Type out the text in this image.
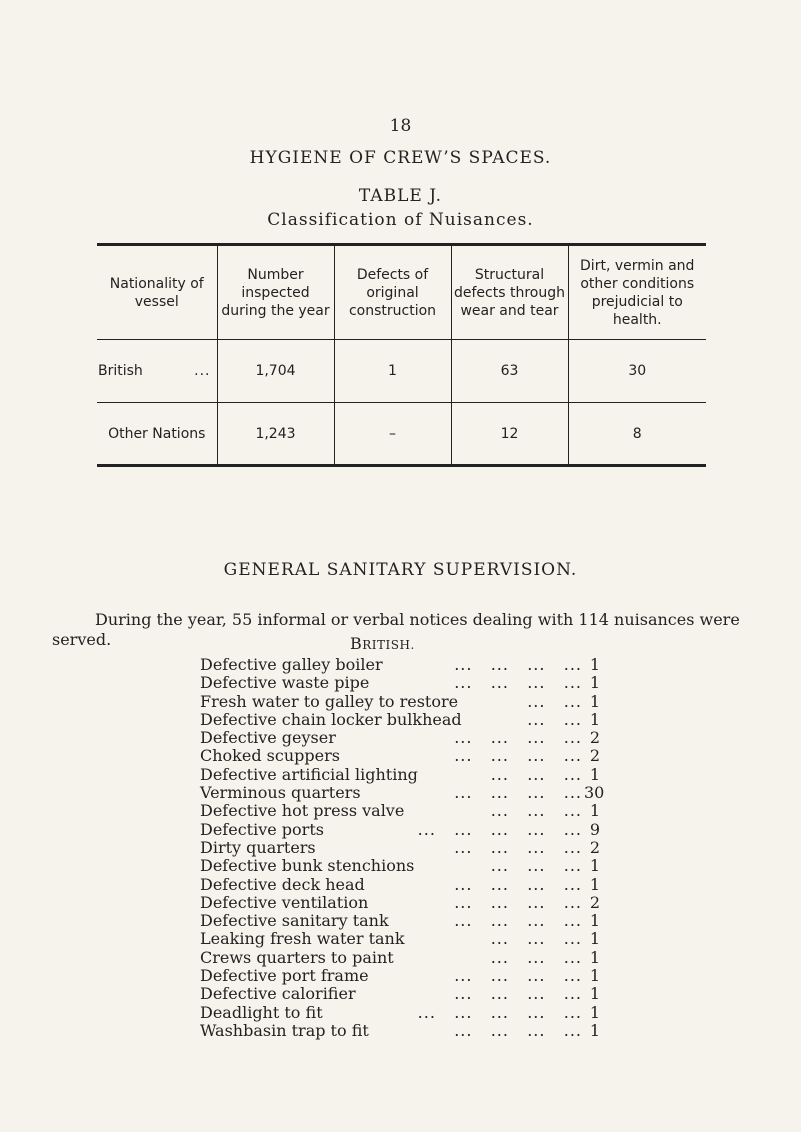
18
HYGIENE OF CREW’S SPACES.
TABLE J.
Classification of Nuisances.
Nationality of vessel	Number inspected during the year	Defects of original construction	Structural defects through wear and tear	Dirt, vermin and other conditions prejudicial to health.

British ...	1,704	1	63	30
Other Nations	1,243	–	12	8
GENERAL SANITARY SUPERVISION.

During the year, 55 informal or verbal notices dealing with 114 nuisances were served.	BRITISH.
Defective galley boiler	...   ...   ...   ... 1
Defective waste pipe	...   ...   ...   ... 1
Fresh water to galley to restore	...   ... 1
Defective chain locker bulkhead	...   ... 1
Defective geyser	...   ...   ...   ... 2
Choked scuppers	...   ...   ...   ... 2
Defective artificial lighting	...   ...   ... 1
Verminous quarters	...   ...   ...   ... 30
Defective hot press valve	...   ...   ... 1
Defective ports	...   ...   ...   ...   ... 9
Dirty quarters	...   ...   ...   ... 2
Defective bunk stenchions	...   ...   ... 1
Defective deck head	...   ...   ...   ... 1
Defective ventilation	...   ...   ...   ... 2
Defective sanitary tank	...   ...   ...   ... 1
Leaking fresh water tank	...   ...   ... 1
Crews quarters to paint	...   ...   ... 1
Defective port frame	...   ...   ...   ... 1
Defective calorifier	...   ...   ...   ... 1
Deadlight to fit	...   ...   ...   ...   ... 1
Washbasin trap to fit	...   ...   ...   ... 1
